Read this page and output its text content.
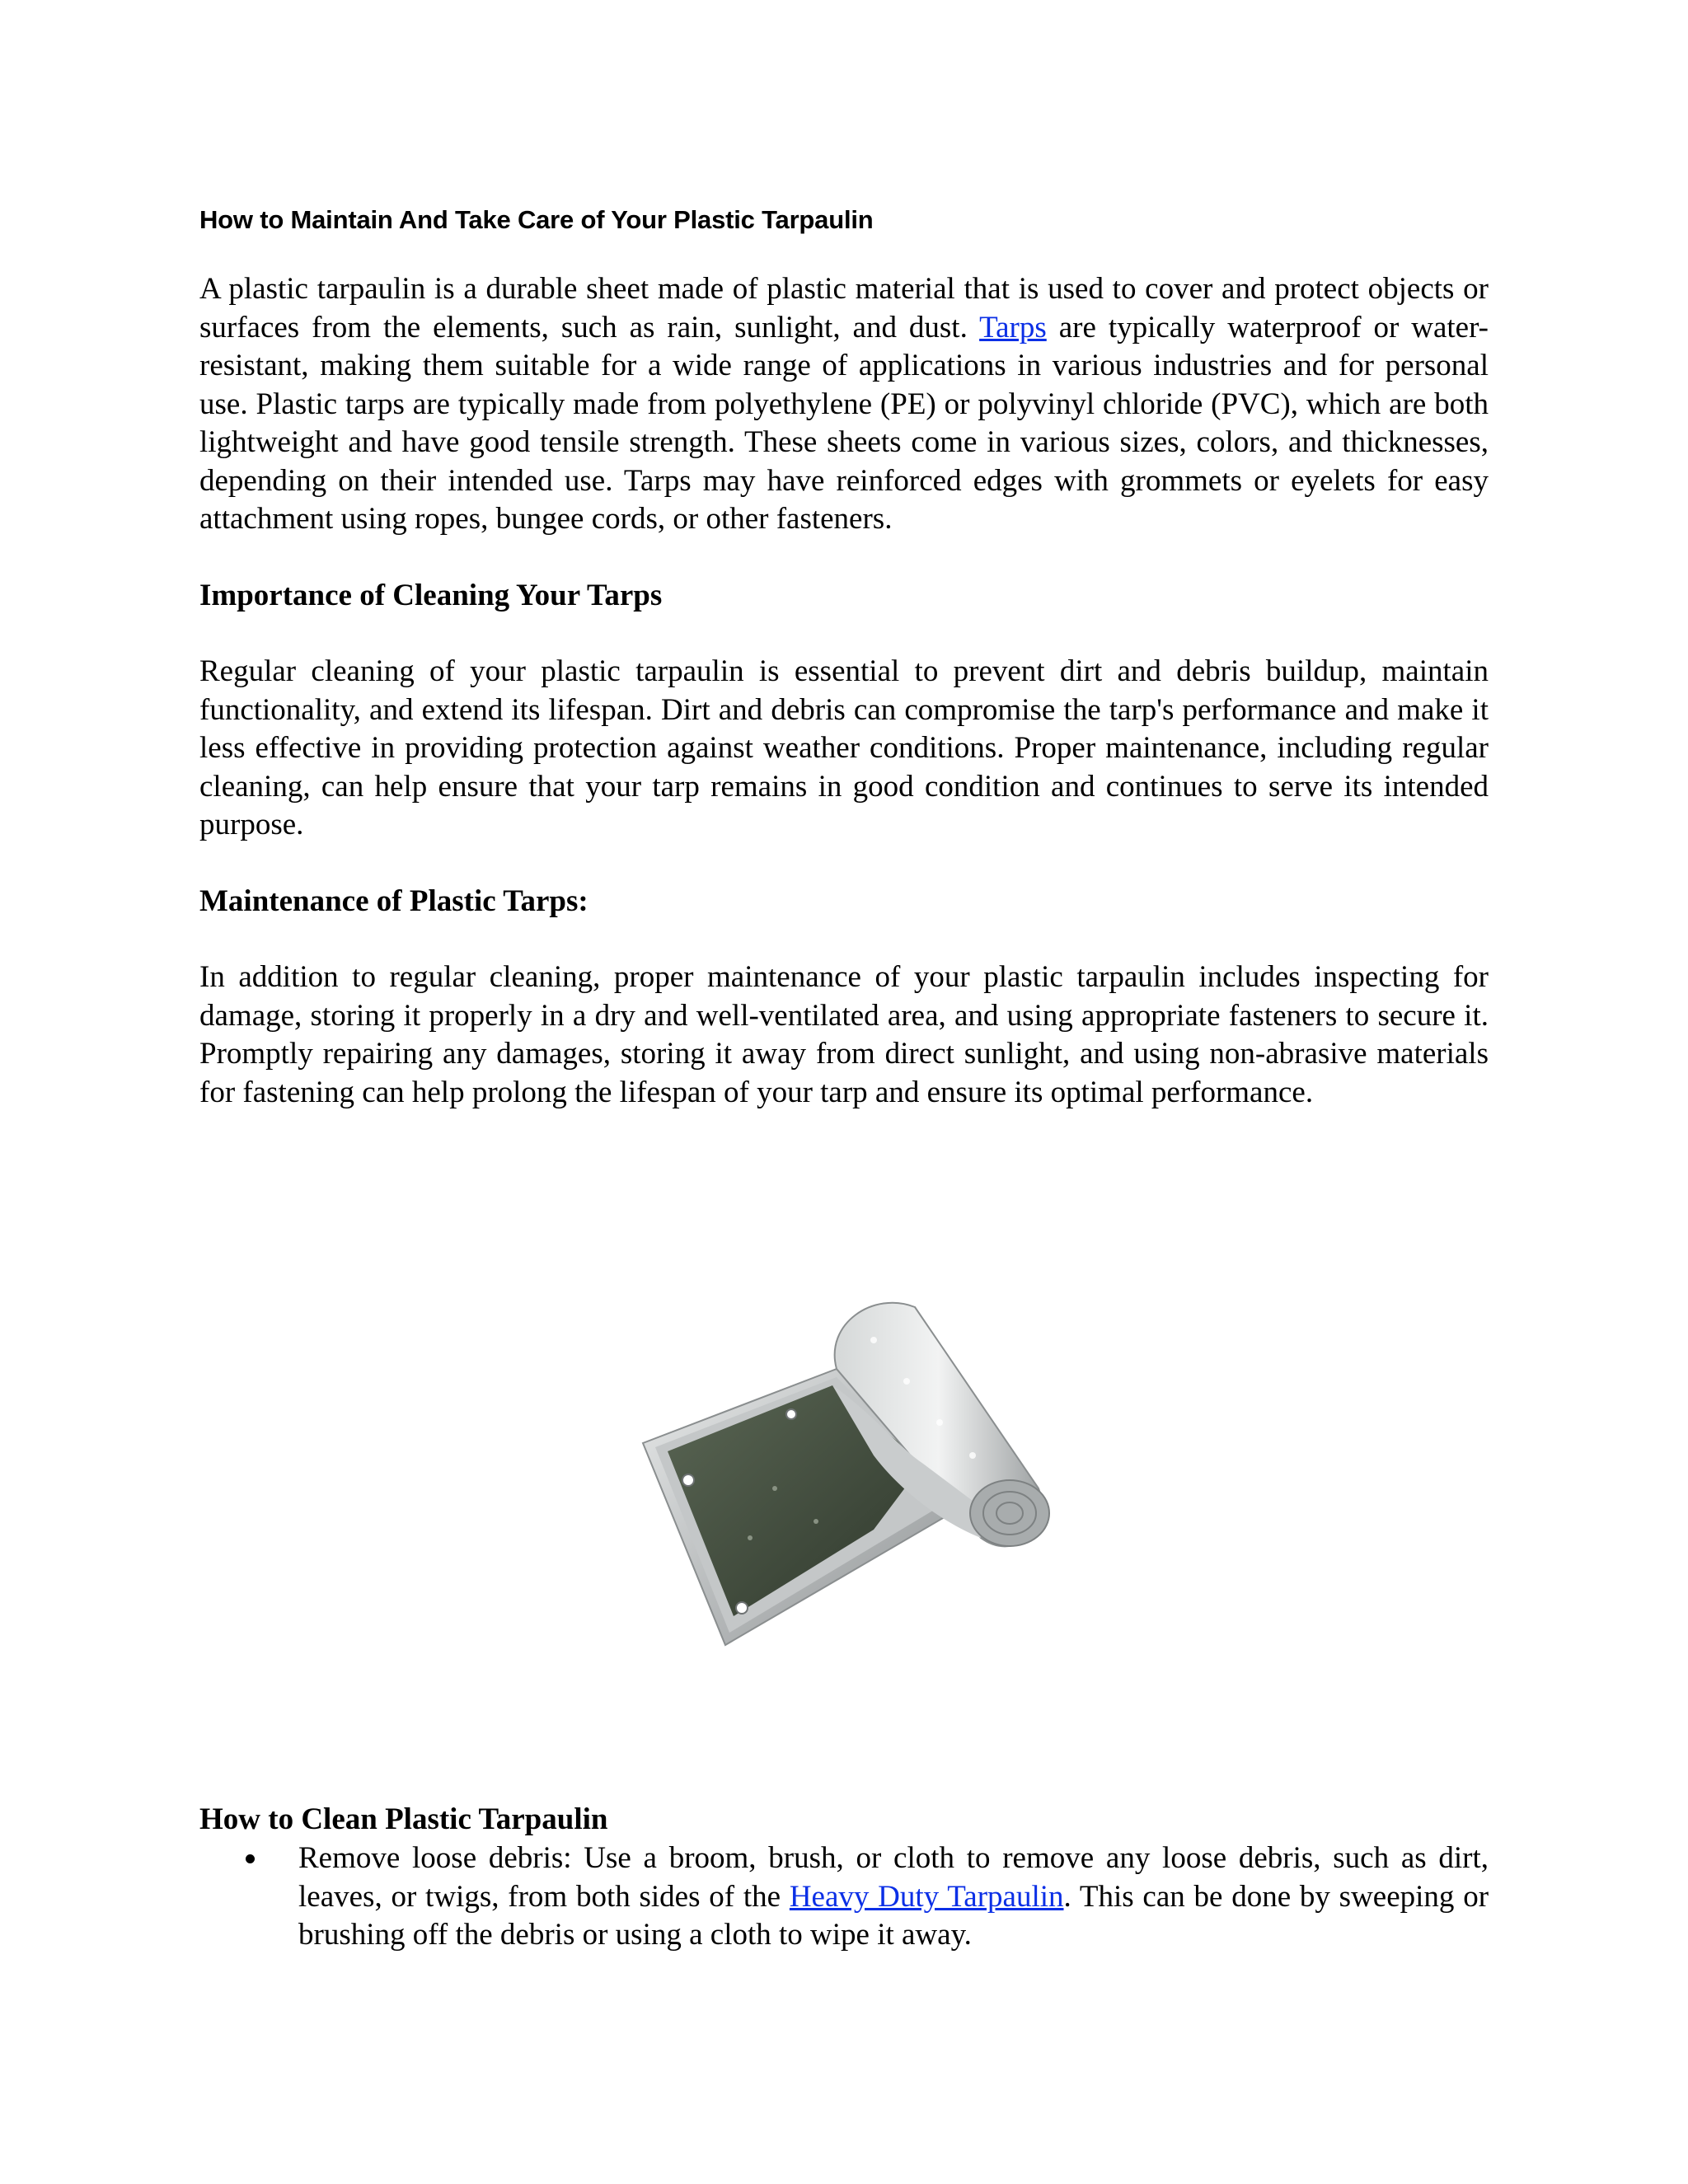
How to Maintain And Take Care of Your Plastic Tarpaulin

A plastic tarpaulin is a durable sheet made of plastic material that is used to cover and protect objects or surfaces from the elements, such as rain, sunlight, and dust. Tarps are typically waterproof or water-resistant, making them suitable for a wide range of applications in various industries and for personal use. Plastic tarps are typically made from polyethylene (PE) or polyvinyl chloride (PVC), which are both lightweight and have good tensile strength. These sheets come in various sizes, colors, and thicknesses, depending on their intended use. Tarps may have reinforced edges with grommets or eyelets for easy attachment using ropes, bungee cords, or other fasteners.

Importance of Cleaning Your Tarps

Regular cleaning of your plastic tarpaulin is essential to prevent dirt and debris buildup, maintain functionality, and extend its lifespan. Dirt and debris can compromise the tarp's performance and make it less effective in providing protection against weather conditions. Proper maintenance, including regular cleaning, can help ensure that your tarp remains in good condition and continues to serve its intended purpose.

Maintenance of Plastic Tarps:

In addition to regular cleaning, proper maintenance of your plastic tarpaulin includes inspecting for damage, storing it properly in a dry and well-ventilated area, and using appropriate fasteners to secure it. Promptly repairing any damages, storing it away from direct sunlight, and using non-abrasive materials for fastening can help prolong the lifespan of your tarp and ensure its optimal performance.

How to Clean Plastic Tarpaulin

Remove loose debris: Use a broom, brush, or cloth to remove any loose debris, such as dirt, leaves, or twigs, from both sides of the Heavy Duty Tarpaulin. This can be done by sweeping or brushing off the debris or using a cloth to wipe it away.
